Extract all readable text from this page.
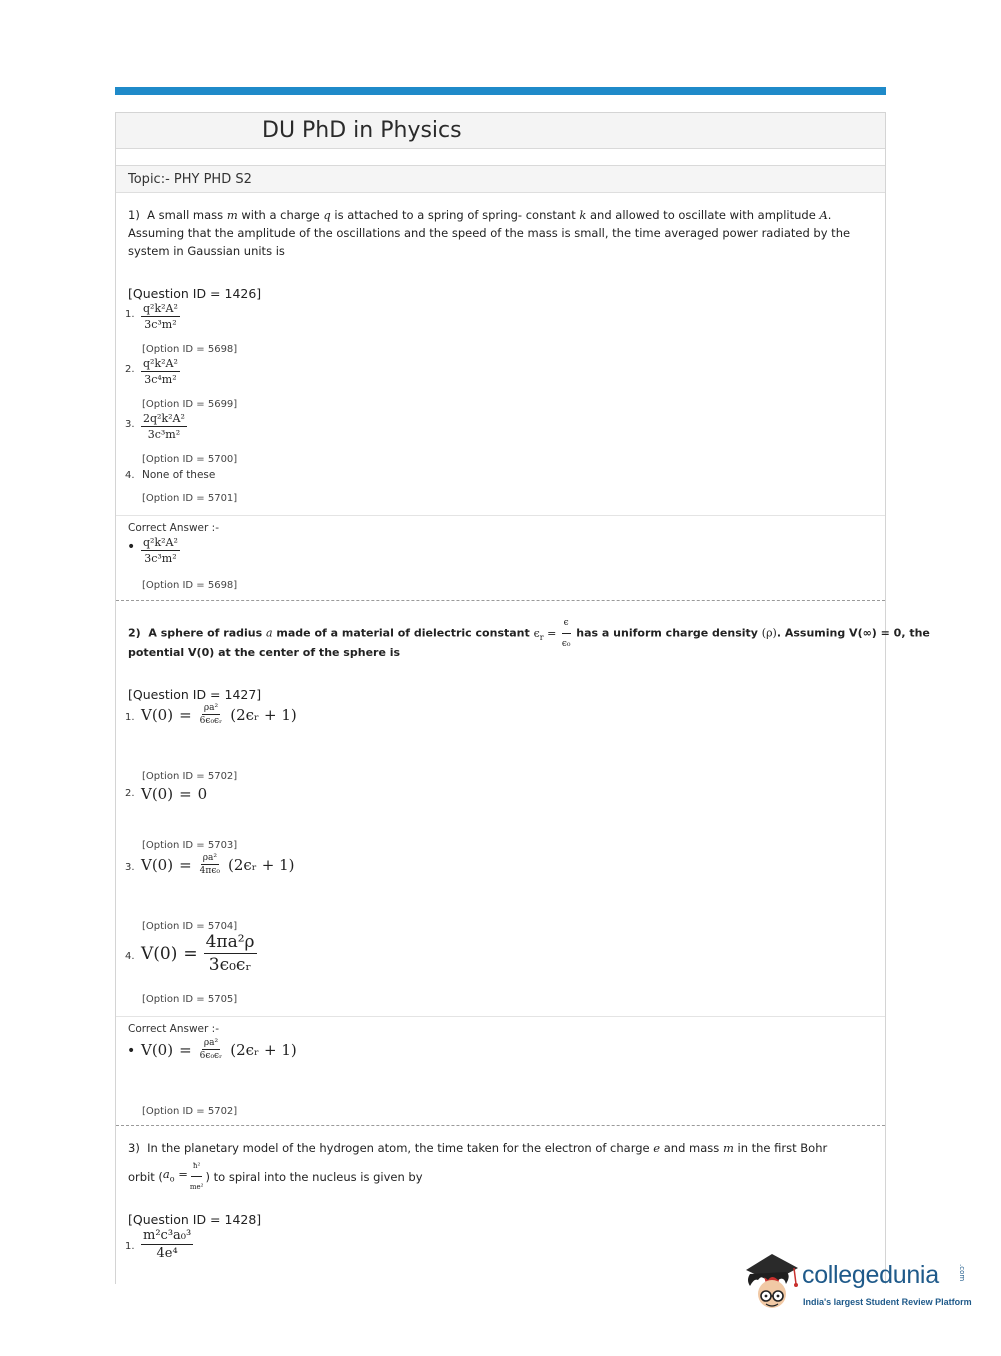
DU PhD in Physics
Topic:- PHY PHD S2
1) A small mass m with a charge q is attached to a spring of spring- constant k and allowed to oscillate with amplitude A.
Assuming that the amplitude of the oscillations and the speed of the mass is small, the time averaged power radiated by the
system in Gaussian units is
[Question ID = 1426]
1. $\frac{\text{q²k²A²}}{\text{3c³m²}}$
[Option ID = 5698]
2. $\frac{\text{q²k²A²}}{\text{3c⁴m²}}$
[Option ID = 5699]
3. $\frac{\text{2q²k²A²}}{\text{3c³m²}}$
[Option ID = 5700]
4. None of these
[Option ID = 5701]
Correct Answer :-
• $\frac{\text{q²k²A²}}{\text{3c³m²}}$
[Option ID = 5698]
2) A sphere of radius a made of a material of dielectric constant $\epsilon_r = \frac{\epsilon}{\text{ϵ₀}}$ has a uniform charge density (ρ). Assuming V(∞) = 0, the
potential V(0) at the center of the sphere is
[Question ID = 1427]
1. $V(0) = \frac{\text{ρa²}}{\text{6ϵ₀ϵᵣ}}$ (2ϵᵣ + 1)
[Option ID = 5702]
2. V(0) = 0
[Option ID = 5703]
3. $V(0) = \frac{\text{ρa²}}{\text{4πϵ₀}}$ (2ϵᵣ + 1)
[Option ID = 5704]
4. $V(0) = \frac{\text{4πa²ρ}}{\text{3ϵ₀ϵᵣ}}$
[Option ID = 5705]
Correct Answer :-
• $V(0) = \frac{\text{ρa²}}{\text{6ϵ₀ϵᵣ}}$ (2ϵᵣ + 1)
[Option ID = 5702]
3) In the planetary model of the hydrogen atom, the time taken for the electron of charge e and mass m in the first Bohr
orbit ( $a_o = \frac{\text{ħ²}}{\text{me²}}$ ) to spiral into the nucleus is given by
[Question ID = 1428]
1. $\frac{\text{m²c³a₀³}}{\text{4e⁴}}$
collegedunia	.com
India's largest Student Review Platform
